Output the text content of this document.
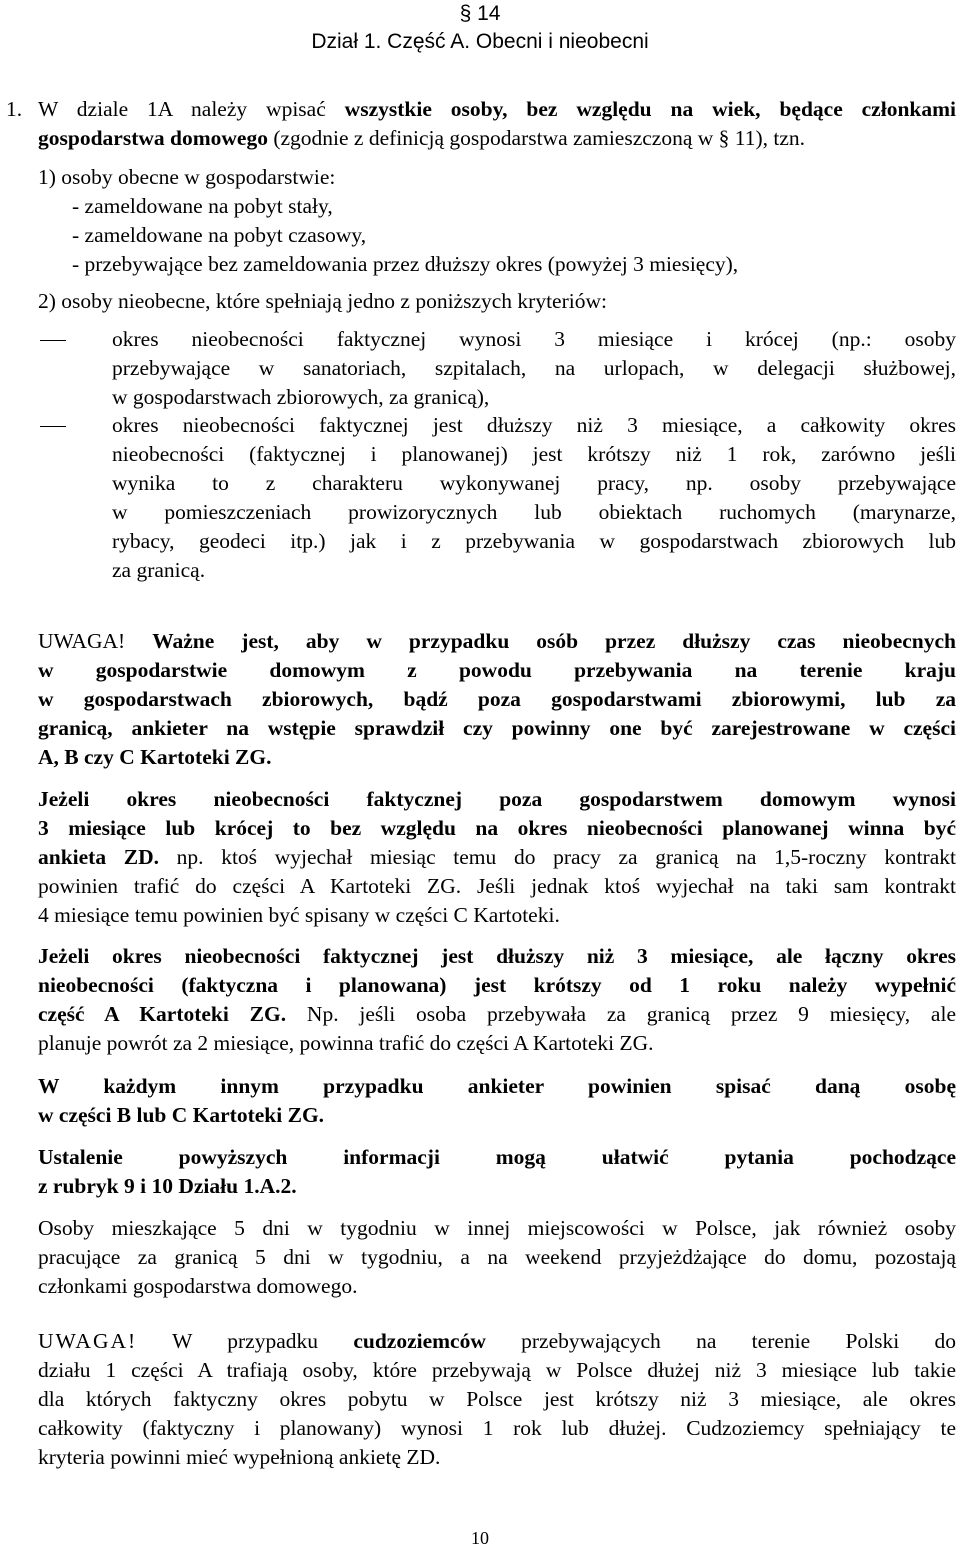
§ 14
Dział 1. Część A. Obecni i nieobecni
1. W dziale 1A należy wpisać wszystkie osoby, bez względu na wiek, będące członkami
gospodarstwa domowego (zgodnie z definicją gospodarstwa zamieszczoną w § 11), tzn.
1) osoby obecne w gospodarstwie:
- zameldowane na pobyt stały,
- zameldowane na pobyt czasowy,
- przebywające bez zameldowania przez dłuższy okres (powyżej 3 miesięcy),
2) osoby nieobecne, które spełniają jedno z poniższych kryteriów:
okres nieobecności faktycznej wynosi 3 miesiące i krócej (np.: osoby
przebywające w sanatoriach, szpitalach, na urlopach, w delegacji służbowej,
w gospodarstwach zbiorowych, za granicą),
okres nieobecności faktycznej jest dłuższy niż 3 miesiące, a całkowity okres
nieobecności (faktycznej i planowanej) jest krótszy niż 1 rok, zarówno jeśli
wynika to z charakteru wykonywanej pracy, np. osoby przebywające
w pomieszczeniach prowizorycznych lub obiektach ruchomych (marynarze,
rybacy, geodeci itp.) jak i z przebywania w gospodarstwach zbiorowych lub
za granicą.
UWAGA! Ważne jest, aby w przypadku osób przez dłuższy czas nieobecnych
w gospodarstwie domowym z powodu przebywania na terenie kraju
w gospodarstwach zbiorowych, bądź poza gospodarstwami zbiorowymi, lub za
granicą, ankieter na wstępie sprawdził czy powinny one być zarejestrowane w części
A, B czy C Kartoteki ZG.
Jeżeli okres nieobecności faktycznej poza gospodarstwem domowym wynosi
3 miesiące lub krócej to bez względu na okres nieobecności planowanej winna być
ankieta ZD. np. ktoś wyjechał miesiąc temu do pracy za granicą na 1,5-roczny kontrakt
powinien trafić do części A Kartoteki ZG. Jeśli jednak ktoś wyjechał na taki sam kontrakt
4 miesiące temu powinien być spisany w części C Kartoteki.
Jeżeli okres nieobecności faktycznej jest dłuższy niż 3 miesiące, ale łączny okres
nieobecności (faktyczna i planowana) jest krótszy od 1 roku należy wypełnić
część A Kartoteki ZG. Np. jeśli osoba przebywała za granicą przez 9 miesięcy, ale
planuje powrót za 2 miesiące, powinna trafić do części A Kartoteki ZG.
W każdym innym przypadku ankieter powinien spisać daną osobę
w części B lub C Kartoteki ZG.
Ustalenie powyższych informacji mogą ułatwić pytania pochodzące
z rubryk 9 i 10 Działu 1.A.2.
Osoby mieszkające 5 dni w tygodniu w innej miejscowości w Polsce, jak również osoby
pracujące za granicą 5 dni w tygodniu, a na weekend przyjeżdżające do domu, pozostają
członkami gospodarstwa domowego.
UWAGA! W przypadku cudzoziemców przebywających na terenie Polski do
działu 1 części A trafiają osoby, które przebywają w Polsce dłużej niż 3 miesiące lub takie
dla których faktyczny okres pobytu w Polsce jest krótszy niż 3 miesiące, ale okres
całkowity (faktyczny i planowany) wynosi 1 rok lub dłużej. Cudzoziemcy spełniający te
kryteria powinni mieć wypełnioną ankietę ZD.
10
